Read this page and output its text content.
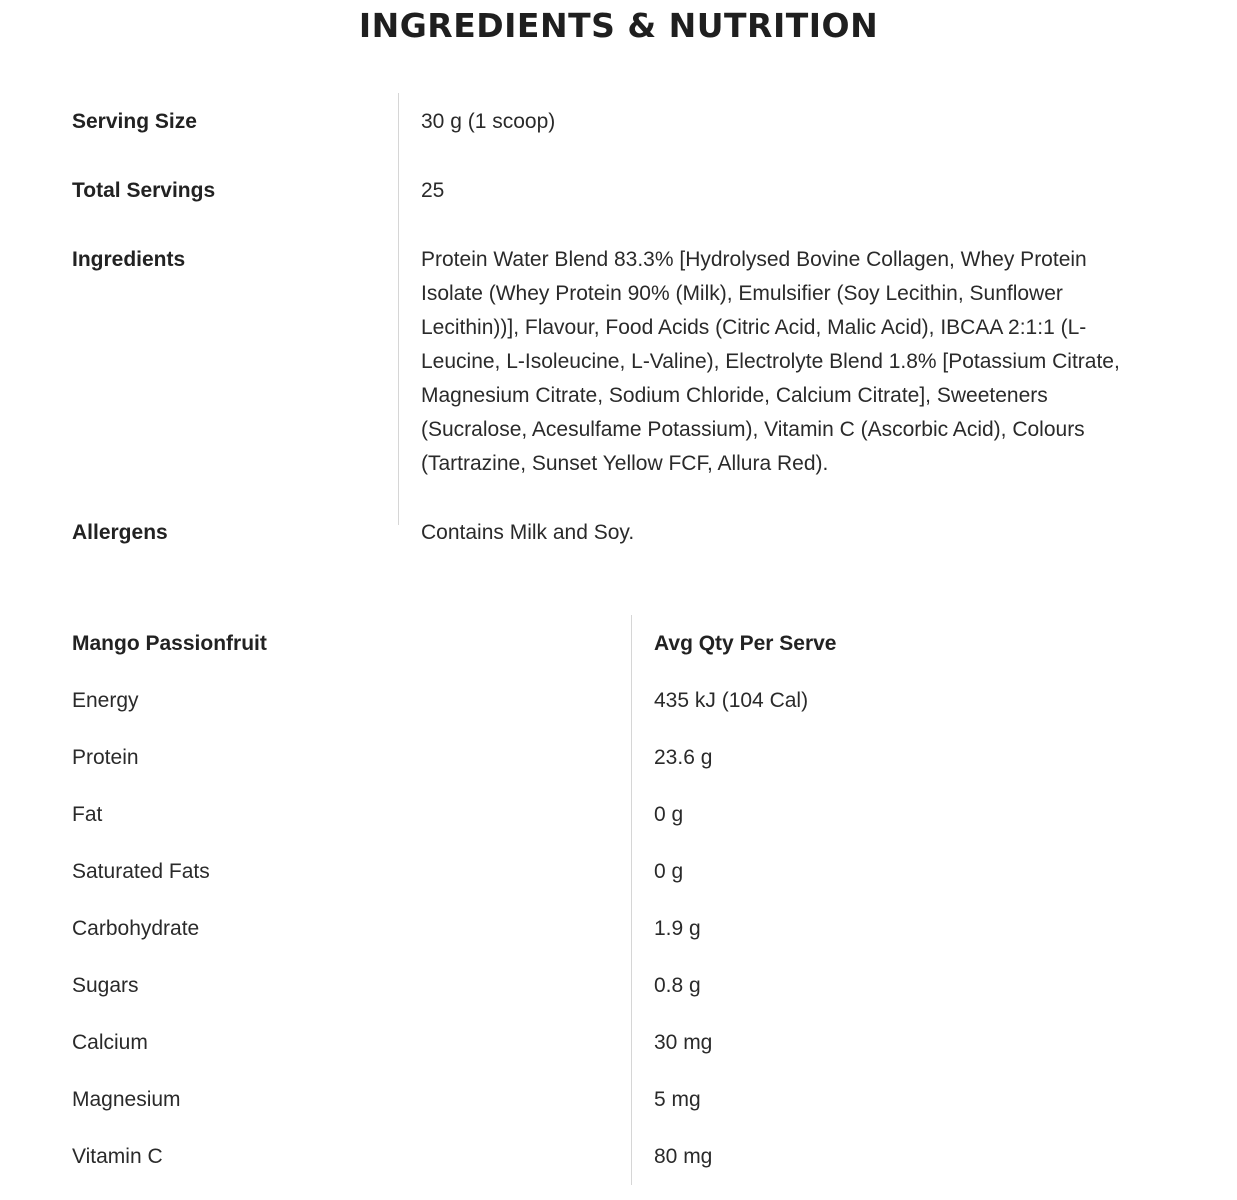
INGREDIENTS & NUTRITION
Serving Size	30 g (1 scoop)
Total Servings	25
Ingredients	Protein Water Blend 83.3% [Hydrolysed Bovine Collagen, Whey Protein Isolate (Whey Protein 90% (Milk), Emulsifier (Soy Lecithin, Sunflower Lecithin))], Flavour, Food Acids (Citric Acid, Malic Acid), IBCAA 2:1:1 (L-Leucine, L-Isoleucine, L-Valine), Electrolyte Blend 1.8% [Potassium Citrate, Magnesium Citrate, Sodium Chloride, Calcium Citrate], Sweeteners (Sucralose, Acesulfame Potassium), Vitamin C (Ascorbic Acid), Colours (Tartrazine, Sunset Yellow FCF, Allura Red).
Allergens	Contains Milk and Soy.
Mango Passionfruit	Avg Qty Per Serve
Energy	435 kJ (104 Cal)
Protein	23.6 g
Fat	0 g
Saturated Fats	0 g
Carbohydrate	1.9 g
Sugars	0.8 g
Calcium	30 mg
Magnesium	5 mg
Vitamin C	80 mg
